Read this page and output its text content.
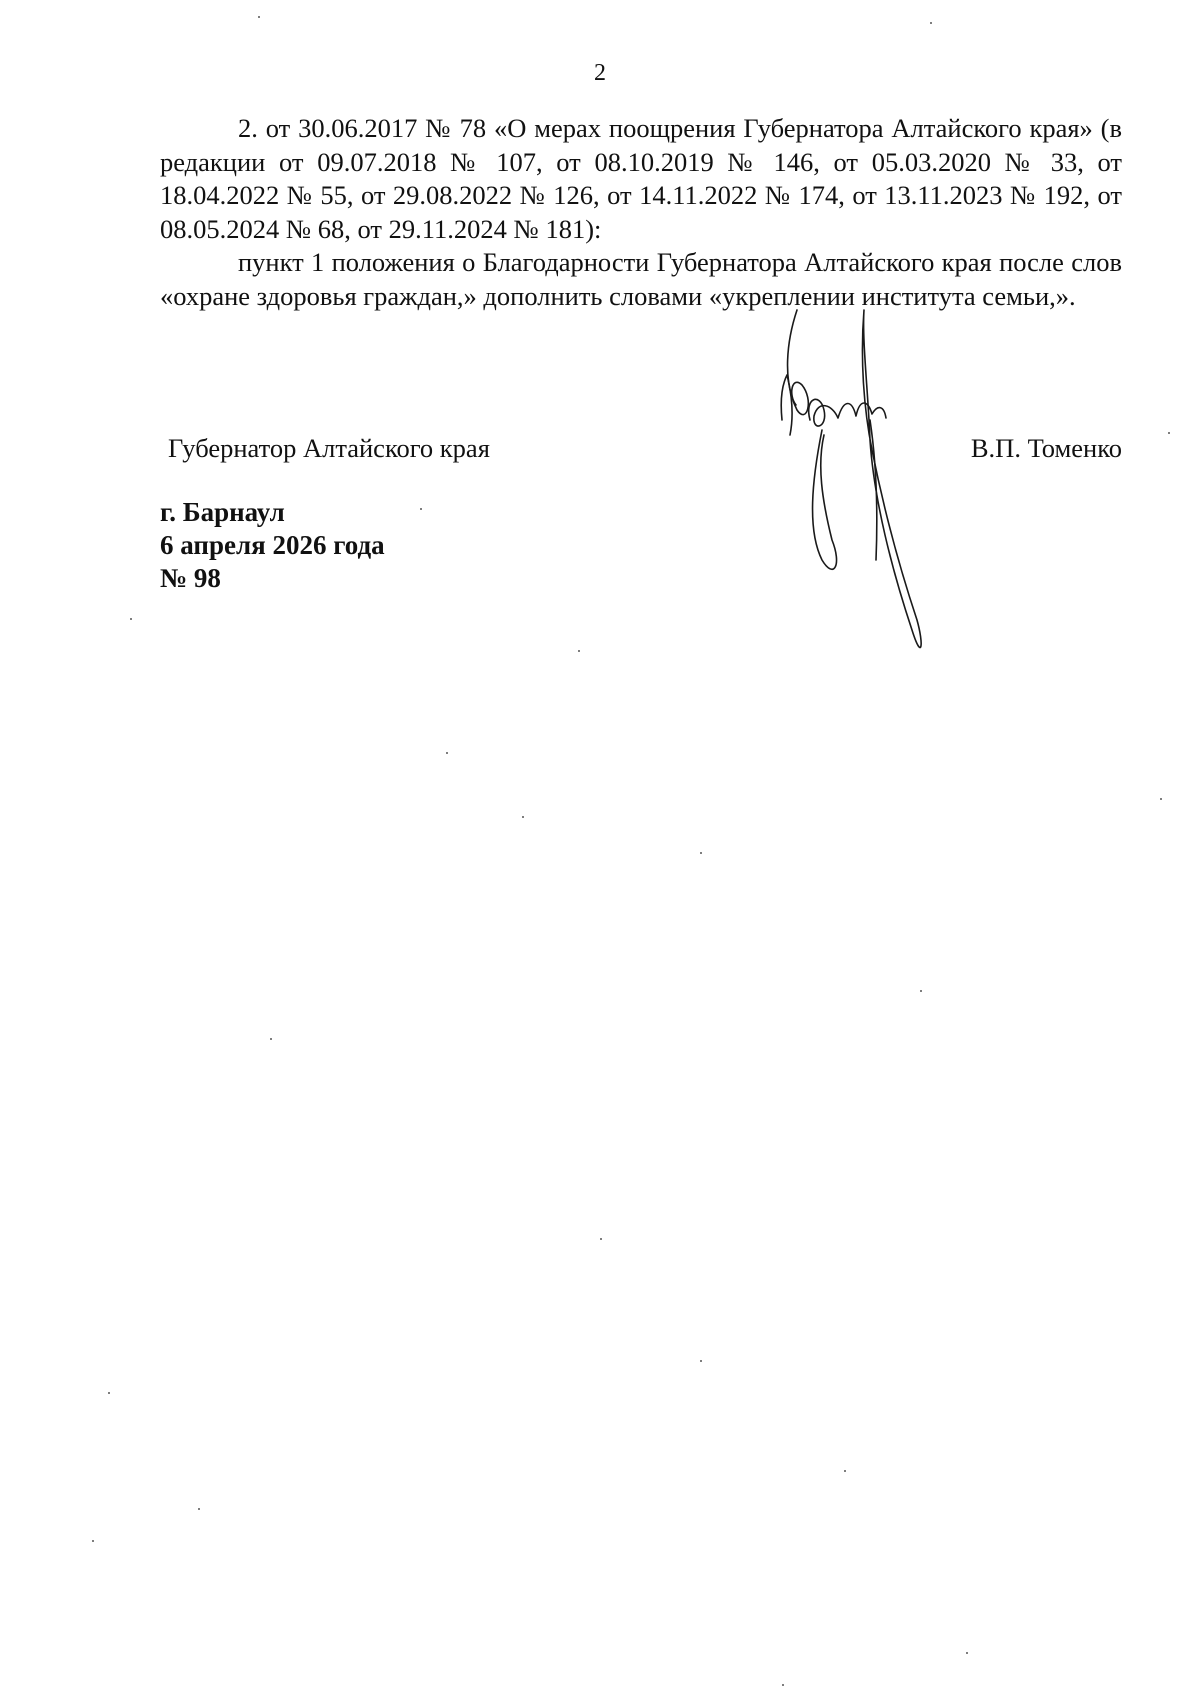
2

2. от 30.06.2017 № 78 «О мерах поощрения Губернатора Алтайского края» (в редакции от 09.07.2018 № 107, от 08.10.2019 № 146, от 05.03.2020 № 33, от 18.04.2022 № 55, от 29.08.2022 № 126, от 14.11.2022 № 174, от 13.11.2023 № 192, от 08.05.2024 № 68, от 29.11.2024 № 181):

пункт 1 положения о Благодарности Губернатора Алтайского края после слов «охране здоровья граждан,» дополнить словами «укреплении института семьи,».

Губернатор Алтайского края	В.П. Томенко
г. Барнаул
6 апреля 2026 года
№ 98
